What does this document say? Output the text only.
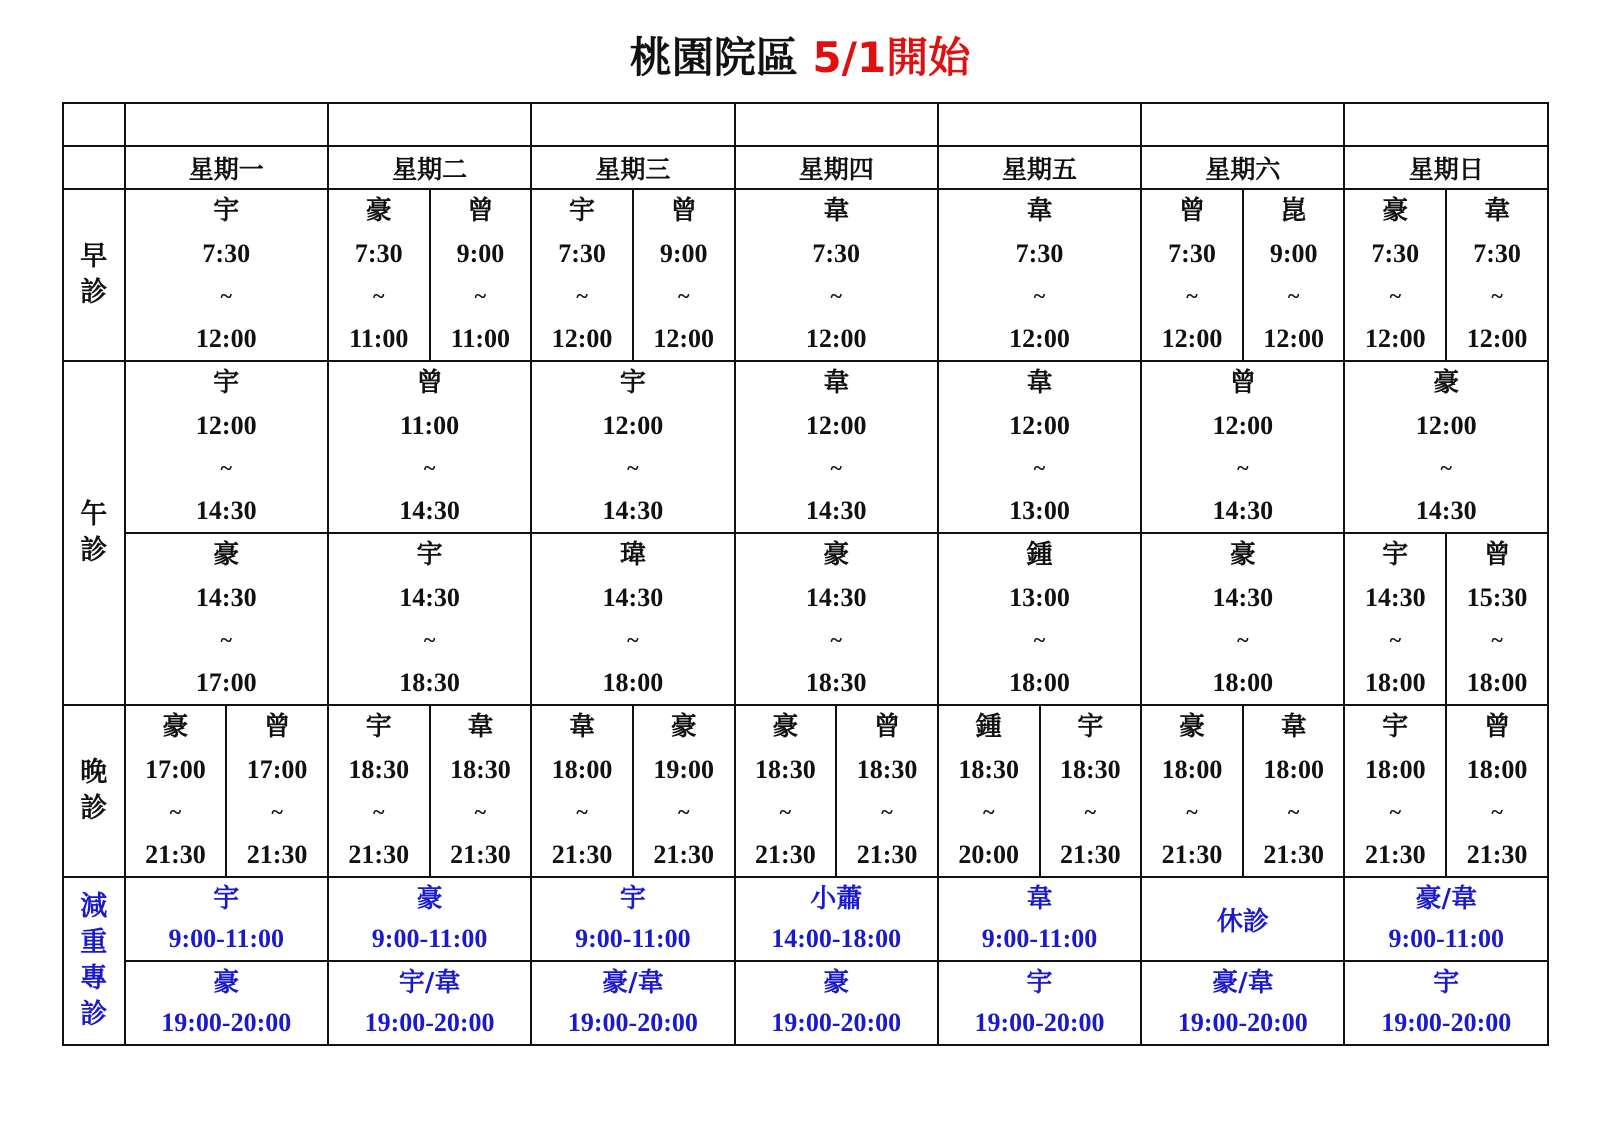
桃園院區 5/1開始

	星期一		星期二		星期三		星期四		星期五		星期六		星期日	

早
診	宇
7:30
~
12:00		豪
7:30
~
11:00	曾
9:00
~
11:00	宇
7:30
~
12:00	曾
9:00
~
12:00	韋
7:30
~
12:00		韋
7:30
~
12:00		曾
7:30
~
12:00	崑
9:00
~
12:00	豪
7:30
~
12:00	韋
7:30
~
12:00

午
診	宇
12:00
~
14:30		曾
11:00
~
14:30		宇
12:00
~
14:30		韋
12:00
~
14:30		韋
12:00
~
13:00		曾
12:00
~
14:30		豪
12:00
~
14:30	

	豪
14:30
~
17:00		宇
14:30
~
18:30		瑋
14:30
~
18:00		豪
14:30
~
18:30		鍾
13:00
~
18:00		豪
14:30
~
18:00		宇
14:30
~
18:00	曾
15:30
~
18:00

晚
診	豪
17:00
~
21:30	曾
17:00
~
21:30	宇
18:30
~
21:30	韋
18:30
~
21:30	韋
18:00
~
21:30	豪
19:00
~
21:30	豪
18:30
~
21:30	曾
18:30
~
21:30	鍾
18:30
~
20:00	宇
18:30
~
21:30	豪
18:00
~
21:30	韋
18:00
~
21:30	宇
18:00
~
21:30	曾
18:00
~
21:30

減
重
專
診	宇
9:00-11:00		豪
9:00-11:00		宇
9:00-11:00		小蕭
14:00-18:00		韋
9:00-11:00		休診		豪/韋
9:00-11:00	

	豪
19:00-20:00		宇/韋
19:00-20:00		豪/韋
19:00-20:00		豪
19:00-20:00		宇
19:00-20:00		豪/韋
19:00-20:00		宇
19:00-20:00	
